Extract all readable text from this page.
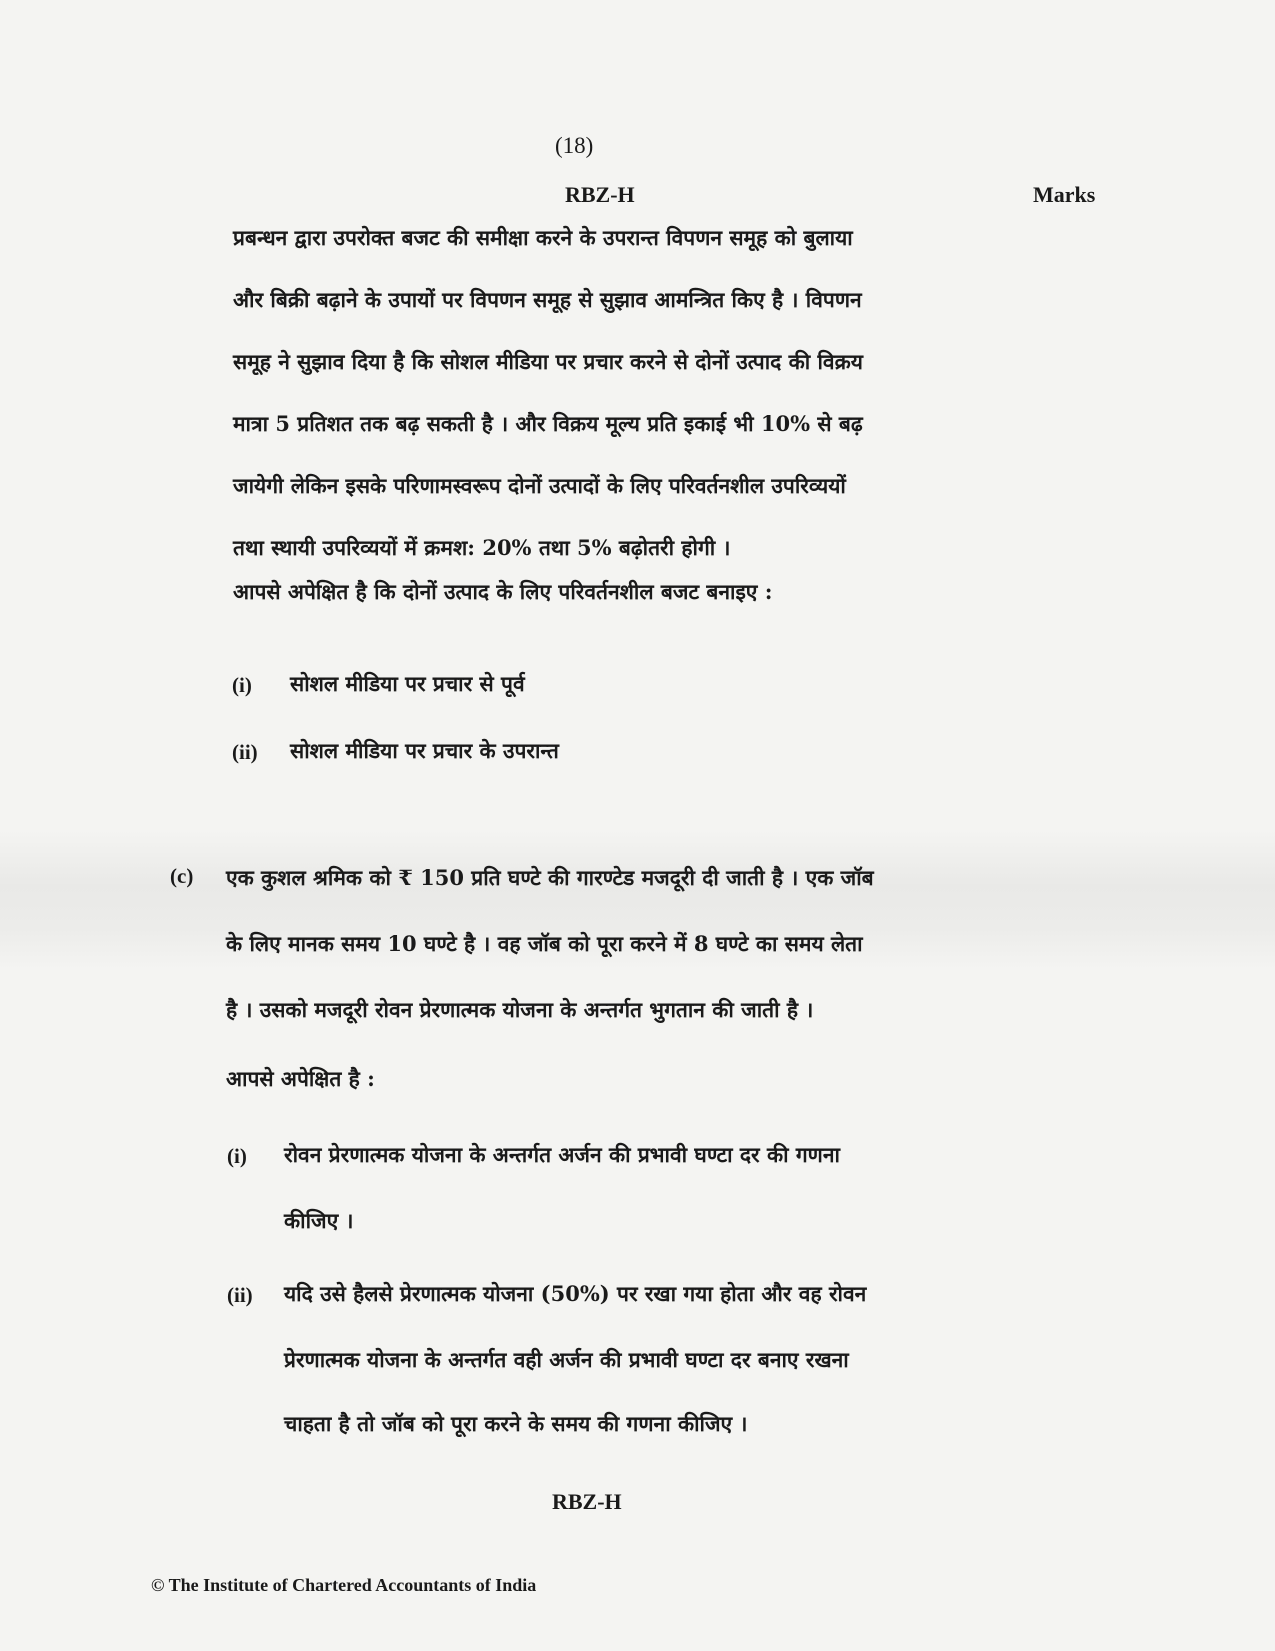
(18)
RBZ-H	Marks
प्रबन्धन द्वारा उपरोक्त बजट की समीक्षा करने के उपरान्त विपणन समूह को बुलाया
और बिक्री बढ़ाने के उपायों पर विपणन समूह से सुझाव आमन्त्रित किए है । विपणन
समूह ने सुझाव दिया है कि सोशल मीडिया पर प्रचार करने से दोनों उत्पाद की विक्रय
मात्रा 5 प्रतिशत तक बढ़ सकती है । और विक्रय मूल्य प्रति इकाई भी 10% से बढ़
जायेगी लेकिन इसके परिणामस्वरूप दोनों उत्पादों के लिए परिवर्तनशील उपरिव्ययों
तथा स्थायी उपरिव्ययों में क्रमश: 20% तथा 5% बढ़ोतरी होगी ।
आपसे अपेक्षित है कि दोनों उत्पाद के लिए परिवर्तनशील बजट बनाइए :
(i) सोशल मीडिया पर प्रचार से पूर्व
(ii) सोशल मीडिया पर प्रचार के उपरान्त
(c) एक कुशल श्रमिक को ₹ 150 प्रति घण्टे की गारण्टेड मजदूरी दी जाती है । एक जॉब
के लिए मानक समय 10 घण्टे है । वह जॉब को पूरा करने में 8 घण्टे का समय लेता
है । उसको मजदूरी रोवन प्रेरणात्मक योजना के अन्तर्गत भुगतान की जाती है ।
आपसे अपेक्षित है :
(i) रोवन प्रेरणात्मक योजना के अन्तर्गत अर्जन की प्रभावी घण्टा दर की गणना
कीजिए ।
(ii) यदि उसे हैलसे प्रेरणात्मक योजना (50%) पर रखा गया होता और वह रोवन
प्रेरणात्मक योजना के अन्तर्गत वही अर्जन की प्रभावी घण्टा दर बनाए रखना
चाहता है तो जॉब को पूरा करने के समय की गणना कीजिए ।
RBZ-H
© The Institute of Chartered Accountants of India
